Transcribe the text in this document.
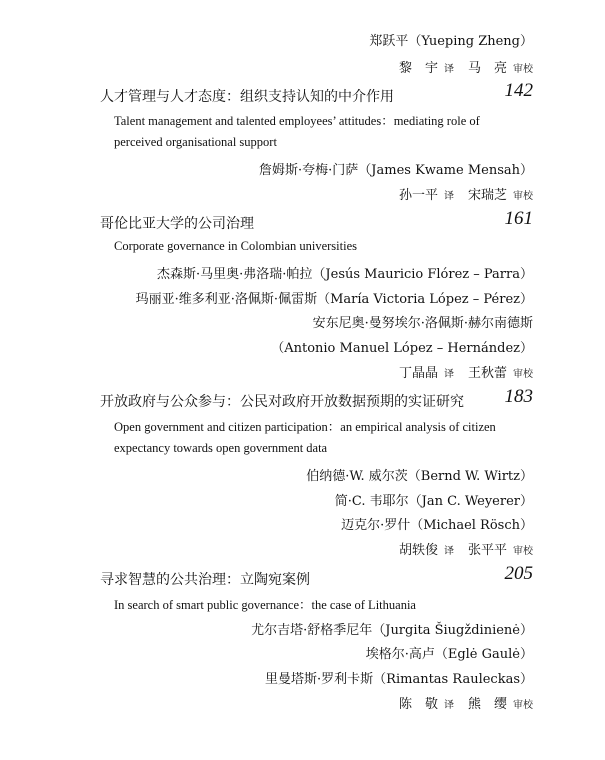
郑跃平（Yueping Zheng）
黎　宇 译 马　亮 审校
人才管理与人才态度：组织支持认知的中介作用	142
Talent management and talented employees’ attitudes：mediating role of
perceived organisational support
詹姆斯·夸梅·门萨（James Kwame Mensah）
孙一平 译 宋瑞芝 审校
哥伦比亚大学的公司治理	161
Corporate governance in Colombian universities
杰森斯·马里奥·弗洛瑞·帕拉（Jesús Mauricio Flórez – Parra）
玛丽亚·维多利亚·洛佩斯·佩雷斯（María Victoria López – Pérez）
安东尼奥·曼努埃尔·洛佩斯·赫尔南德斯
（Antonio Manuel López – Hernández）
丁晶晶 译 王秋蕾 审校
开放政府与公众参与：公民对政府开放数据预期的实证研究 183
Open government and citizen participation：an empirical analysis of citizen
expectancy towards open government data
伯纳德·W. 威尔茨（Bernd W. Wirtz）
简·C. 韦耶尔（Jan C. Weyerer）
迈克尔·罗什（Michael Rösch）
胡轶俊 译 张平平 审校
寻求智慧的公共治理：立陶宛案例	205
In search of smart public governance：the case of Lithuania
尤尔吉塔·舒格季尼年（Jurgita Šiugždinienė）
埃格尔·高卢（Eglė Gaulė）
里曼塔斯·罗利卡斯（Rimantas Rauleckas）
陈　敬 译 熊　缨 审校
